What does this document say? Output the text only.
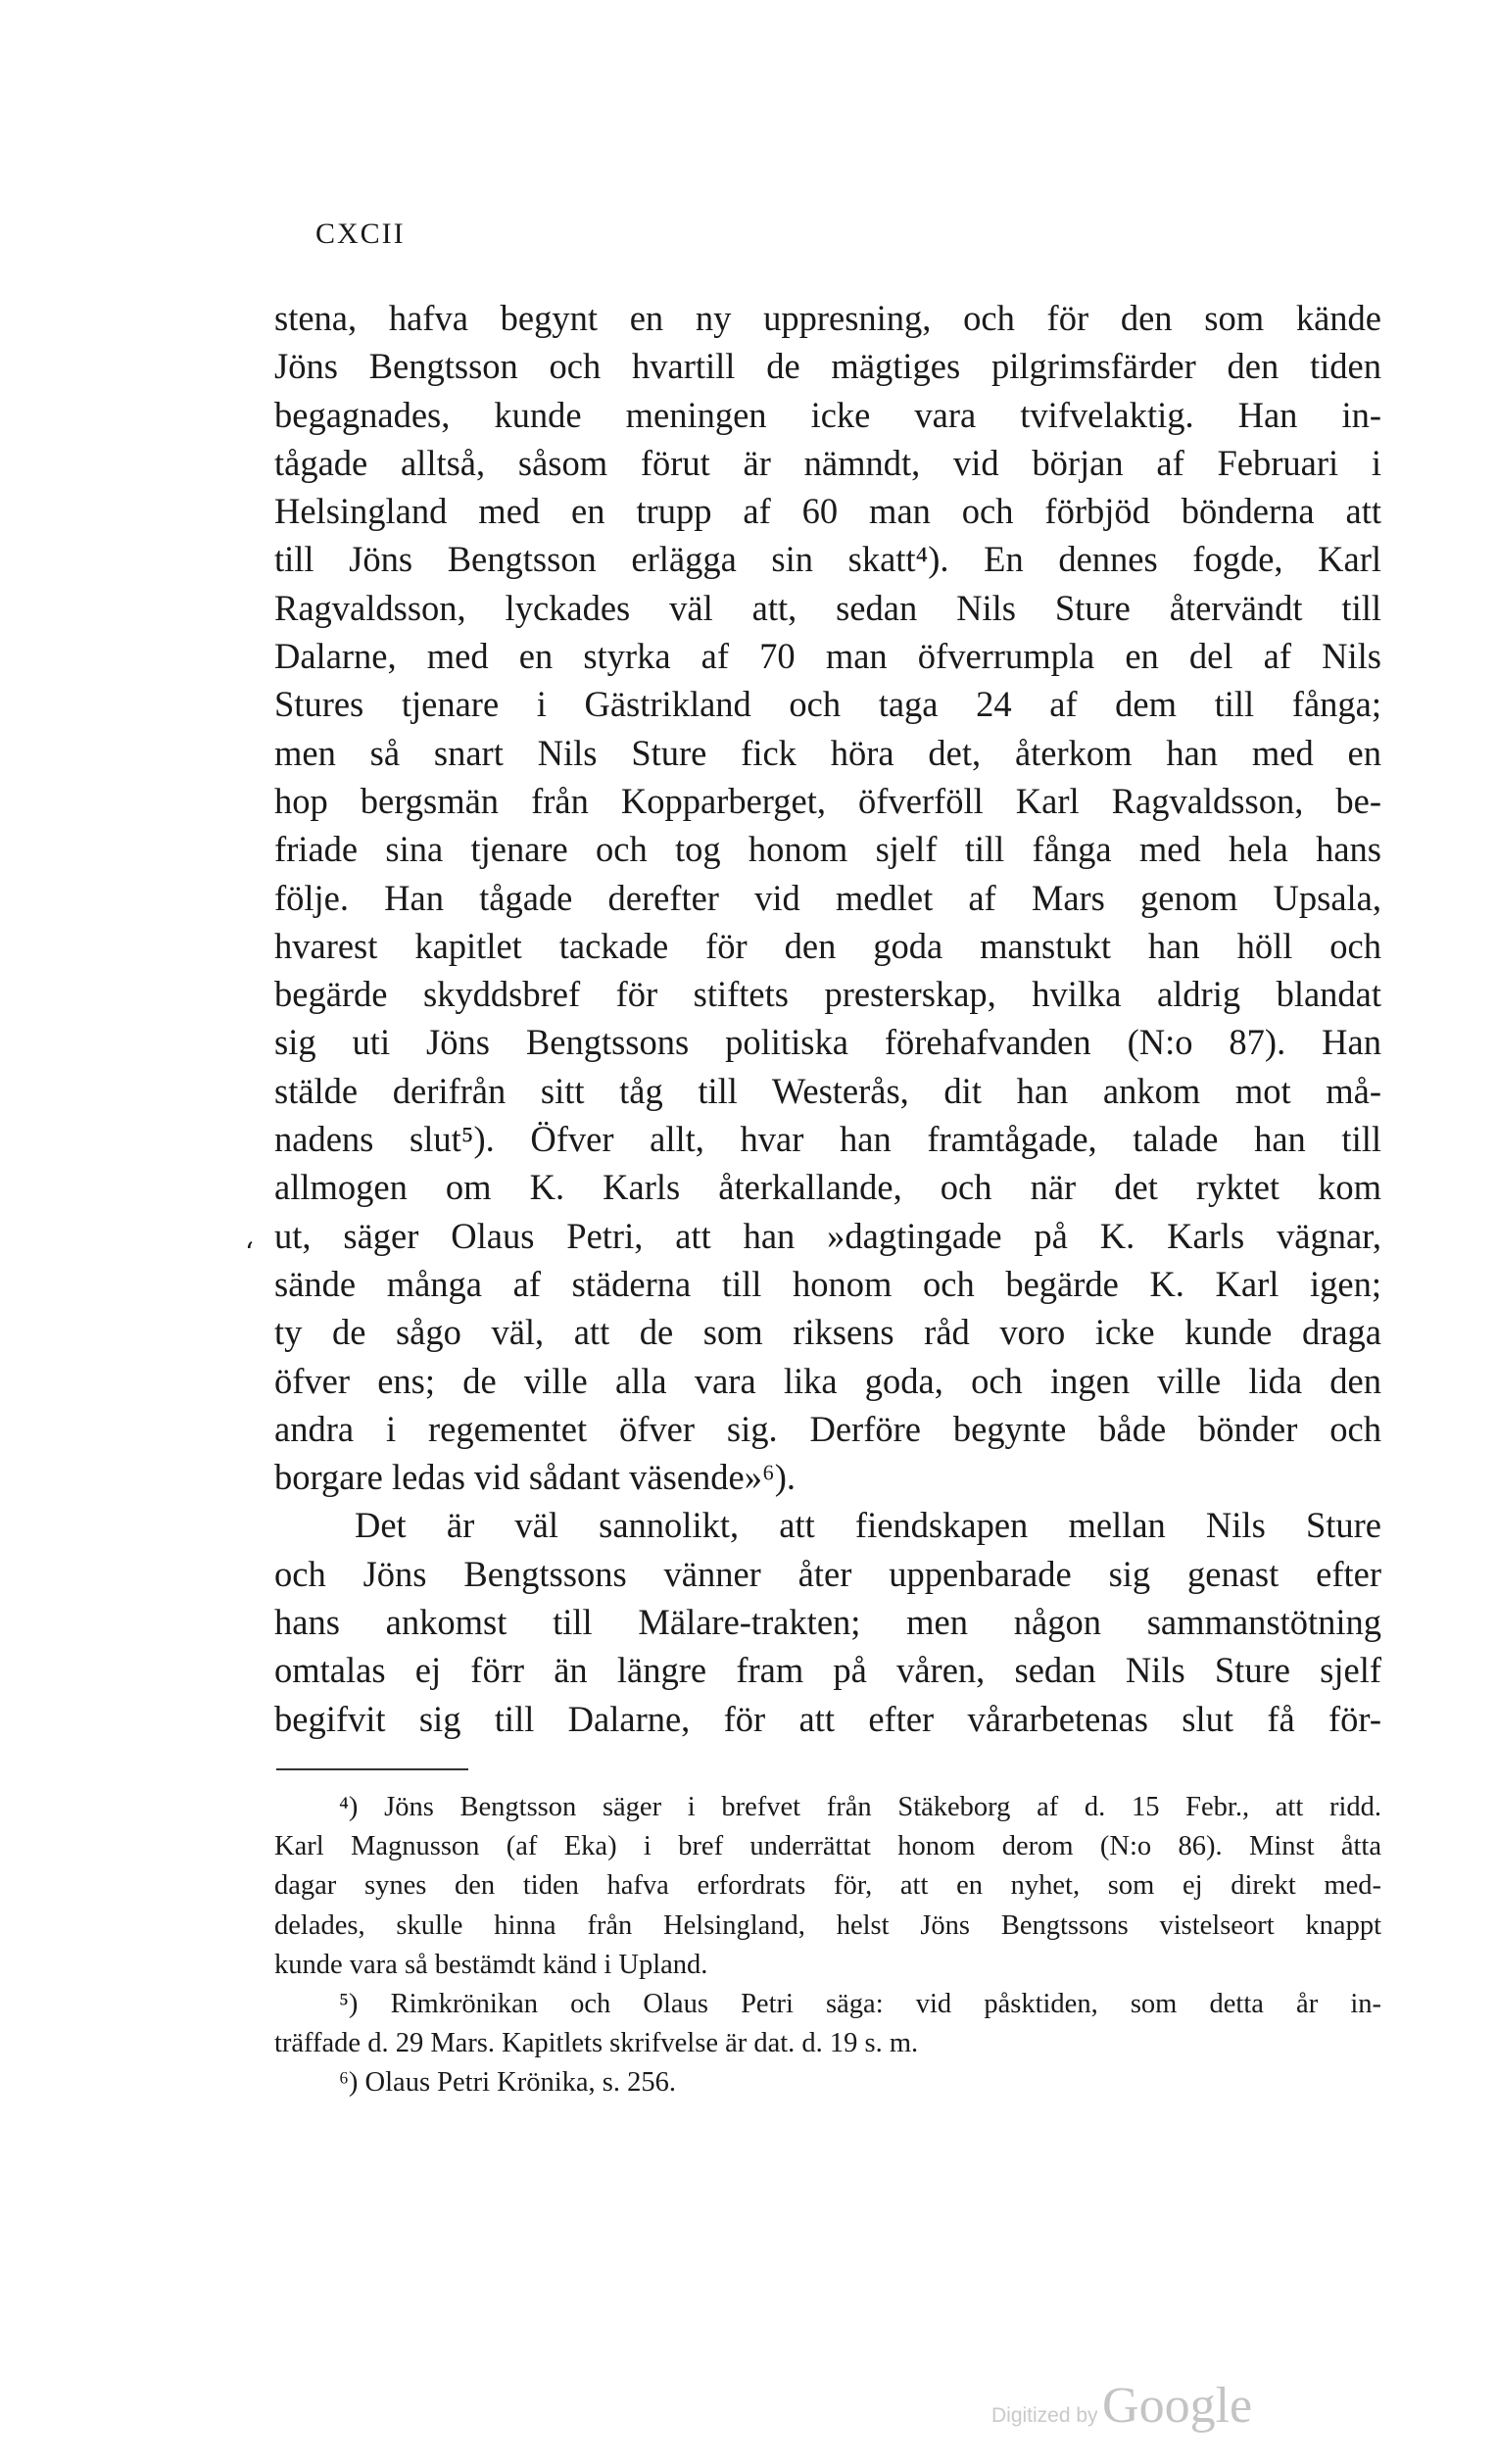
CXCII
‘
stena, hafva begynt en ny uppresning, och för den som kände
Jöns Bengtsson och hvartill de mägtiges pilgrimsfärder den tiden
begagnades, kunde meningen icke vara tvifvelaktig. Han in-
tågade alltså, såsom förut är nämndt, vid början af Februari i
Helsingland med en trupp af 60 man och förbjöd bönderna att
till Jöns Bengtsson erlägga sin skatt⁴). En dennes fogde, Karl
Ragvaldsson, lyckades väl att, sedan Nils Sture återvändt till
Dalarne, med en styrka af 70 man öfverrumpla en del af Nils
Stures tjenare i Gästrikland och taga 24 af dem till fånga;
men så snart Nils Sture fick höra det, återkom han med en
hop bergsmän från Kopparberget, öfverföll Karl Ragvaldsson, be-
friade sina tjenare och tog honom sjelf till fånga med hela hans
följe. Han tågade derefter vid medlet af Mars genom Upsala,
hvarest kapitlet tackade för den goda manstukt han höll och
begärde skyddsbref för stiftets presterskap, hvilka aldrig blandat
sig uti Jöns Bengtssons politiska förehafvanden (N:o 87). Han
stälde derifrån sitt tåg till Westerås, dit han ankom mot må-
nadens slut⁵). Öfver allt, hvar han framtågade, talade han till
allmogen om K. Karls återkallande, och när det ryktet kom
ut, säger Olaus Petri, att han »dagtingade på K. Karls vägnar,
sände många af städerna till honom och begärde K. Karl igen;
ty de sågo väl, att de som riksens råd voro icke kunde draga
öfver ens; de ville alla vara lika goda, och ingen ville lida den
andra i regementet öfver sig. Derföre begynte både bönder och
borgare ledas vid sådant väsende»⁶).
Det är väl sannolikt, att fiendskapen mellan Nils Sture
och Jöns Bengtssons vänner åter uppenbarade sig genast efter
hans ankomst till Mälare-trakten; men någon sammanstötning
omtalas ej förr än längre fram på våren, sedan Nils Sture sjelf
begifvit sig till Dalarne, för att efter vårarbetenas slut få för-
⁴) Jöns Bengtsson säger i brefvet från Stäkeborg af d. 15 Febr., att ridd.
Karl Magnusson (af Eka) i bref underrättat honom derom (N:o 86). Minst åtta
dagar synes den tiden hafva erfordrats för, att en nyhet, som ej direkt med-
delades, skulle hinna från Helsingland, helst Jöns Bengtssons vistelseort knappt
kunde vara så bestämdt känd i Upland.
⁵) Rimkrönikan och Olaus Petri säga: vid påsktiden, som detta år in-
träffade d. 29 Mars. Kapitlets skrifvelse är dat. d. 19 s. m.
⁶) Olaus Petri Krönika, s. 256.
Digitized by Google
